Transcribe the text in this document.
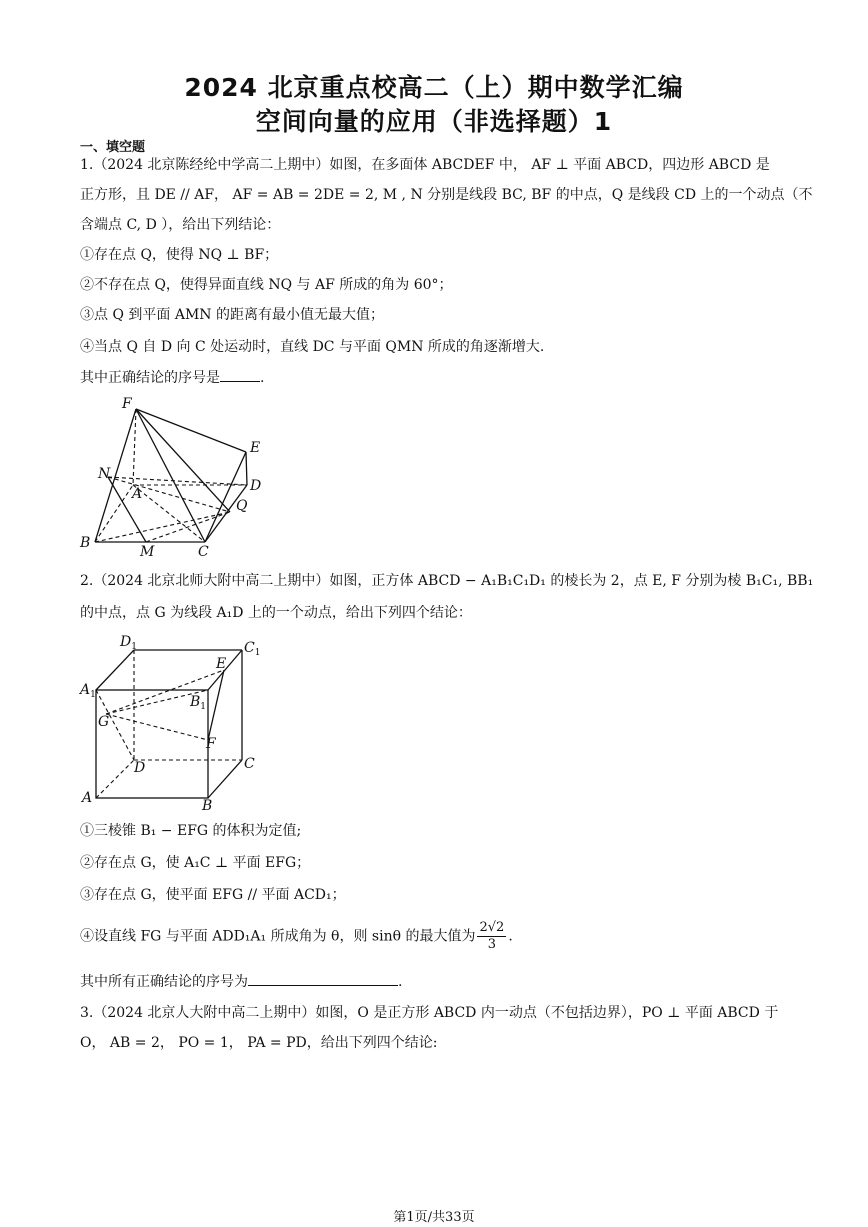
2024 北京重点校高二（上）期中数学汇编
空间向量的应用（非选择题）1
一、填空题
1.（2024 北京陈经纶中学高二上期中）如图，在多面体 ABCDEF 中， AF ⊥ 平面 ABCD，四边形 ABCD 是
正方形，且 DE // AF， AF = AB = 2DE = 2, M , N 分别是线段 BC, BF 的中点，Q 是线段 CD 上的一个动点（不
含端点 C, D ），给出下列结论：
①存在点 Q，使得 NQ ⊥ BF；
②不存在点 Q，使得异面直线 NQ 与 AF 所成的角为 60°；
③点 Q 到平面 AMN 的距离有最小值无最大值；
④当点 Q 自 D 向 C 处运动时，直线 DC 与平面 QMN 所成的角逐渐增大.
其中正确结论的序号是	.
F
E
N
A	D
Q
B
M	C
2.（2024 北京北师大附中高二上期中）如图，正方体 ABCD − A₁B₁C₁D₁ 的棱长为 2，点 E, F 分别为棱 B₁C₁, BB₁
的中点，点 G 为线段 A₁D 上的一个动点，给出下列四个结论：
$D_1$	$C_1$
$A_1$	$B_1$
E
G
F
D	C
A	B
①三棱锥 B₁ − EFG 的体积为定值;
②存在点 G，使 A₁C ⊥ 平面 EFG；
③存在点 G，使平面 EFG // 平面 ACD₁；
④设直线 FG 与平面 ADD₁A₁ 所成角为 θ，则 sinθ 的最大值为 $\frac{2√2}{3}$ .
其中所有正确结论的序号为	.
3.（2024 北京人大附中高二上期中）如图，O 是正方形 ABCD 内一动点（不包括边界），PO ⊥ 平面 ABCD 于
O， AB = 2， PO = 1， PA = PD，给出下列四个结论:
第1页/共33页
